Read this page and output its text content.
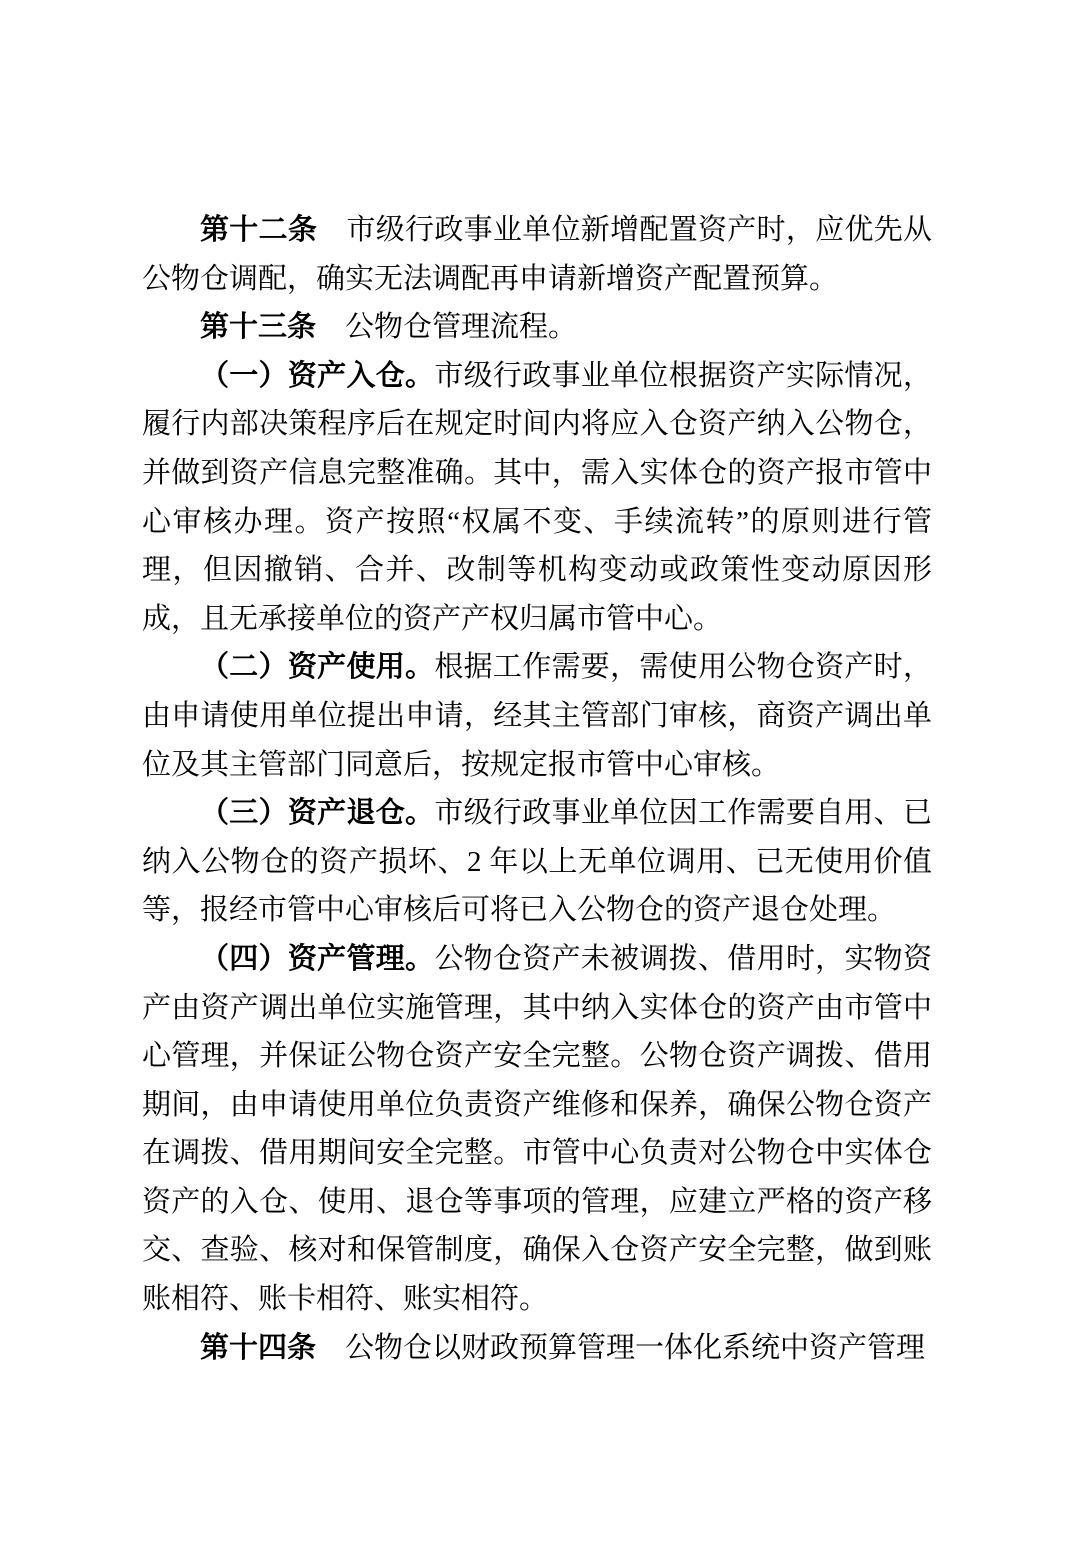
第十二条　市级行政事业单位新增配置资产时，应优先从公物仓调配，确实无法调配再申请新增资产配置预算。

第十三条　公物仓管理流程。

（一）资产入仓。市级行政事业单位根据资产实际情况，履行内部决策程序后在规定时间内将应入仓资产纳入公物仓，并做到资产信息完整准确。其中，需入实体仓的资产报市管中心审核办理。资产按照“权属不变、手续流转”的原则进行管理，但因撤销、合并、改制等机构变动或政策性变动原因形成，且无承接单位的资产产权归属市管中心。

（二）资产使用。根据工作需要，需使用公物仓资产时，由申请使用单位提出申请，经其主管部门审核，商资产调出单位及其主管部门同意后，按规定报市管中心审核。

（三）资产退仓。市级行政事业单位因工作需要自用、已纳入公物仓的资产损坏、2 年以上无单位调用、已无使用价值等，报经市管中心审核后可将已入公物仓的资产退仓处理。

（四）资产管理。公物仓资产未被调拨、借用时，实物资产由资产调出单位实施管理，其中纳入实体仓的资产由市管中心管理，并保证公物仓资产安全完整。公物仓资产调拨、借用期间，由申请使用单位负责资产维修和保养，确保公物仓资产在调拨、借用期间安全完整。市管中心负责对公物仓中实体仓资产的入仓、使用、退仓等事项的管理，应建立严格的资产移交、查验、核对和保管制度，确保入仓资产安全完整，做到账账相符、账卡相符、账实相符。

第十四条　公物仓以财政预算管理一体化系统中资产管理
